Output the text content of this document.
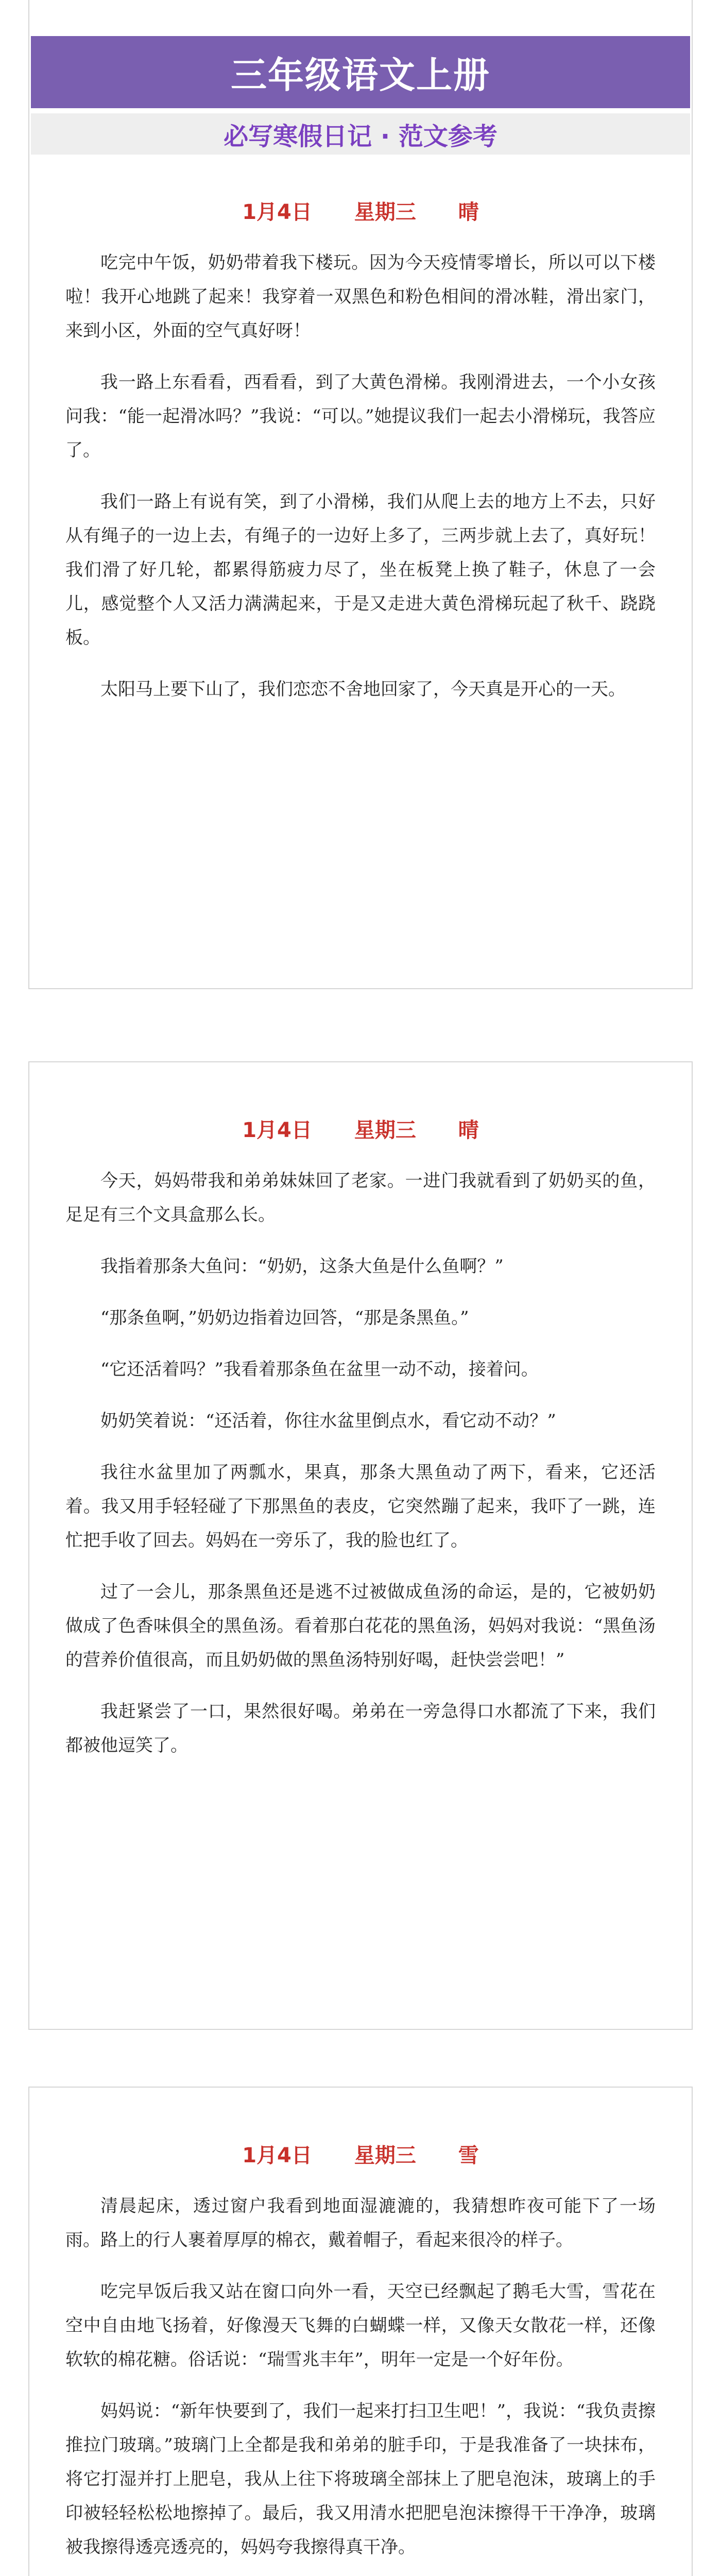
1月4日 星期三 晴

吃完中午饭，奶奶带着我下楼玩。因为今天疫情零增长，所以可以下楼啦！我开心地跳了起来！我穿着一双黑色和粉色相间的滑冰鞋，滑出家门，来到小区，外面的空气真好呀！

我一路上东看看，西看看，到了大黄色滑梯。我刚滑进去，一个小女孩问我：“能一起滑冰吗？”我说：“可以。”她提议我们一起去小滑梯玩，我答应了。

我们一路上有说有笑，到了小滑梯，我们从爬上去的地方上不去，只好从有绳子的一边上去，有绳子的一边好上多了，三两步就上去了，真好玩！我们滑了好几轮，都累得筋疲力尽了，坐在板凳上换了鞋子，休息了一会儿，感觉整个人又活力满满起来，于是又走进大黄色滑梯玩起了秋千、跷跷板。

太阳马上要下山了，我们恋恋不舍地回家了，今天真是开心的一天。

三年级语文上册
必写寒假日记 · 范文参考
1月4日 星期三 晴

今天，妈妈带我和弟弟妹妹回了老家。一进门我就看到了奶奶买的鱼，足足有三个文具盒那么长。

我指着那条大鱼问：“奶奶，这条大鱼是什么鱼啊？”

“那条鱼啊，”奶奶边指着边回答，“那是条黑鱼。”

“它还活着吗？”我看着那条鱼在盆里一动不动，接着问。

奶奶笑着说：“还活着，你往水盆里倒点水，看它动不动？”

我往水盆里加了两瓢水，果真，那条大黑鱼动了两下，看来，它还活着。我又用手轻轻碰了下那黑鱼的表皮，它突然蹦了起来，我吓了一跳，连忙把手收了回去。妈妈在一旁乐了，我的脸也红了。

过了一会儿，那条黑鱼还是逃不过被做成鱼汤的命运，是的，它被奶奶做成了色香味俱全的黑鱼汤。看着那白花花的黑鱼汤，妈妈对我说：“黑鱼汤的营养价值很高，而且奶奶做的黑鱼汤特别好喝，赶快尝尝吧！”

我赶紧尝了一口，果然很好喝。弟弟在一旁急得口水都流了下来，我们都被他逗笑了。

1月4日 星期三 雪

清晨起床，透过窗户我看到地面湿漉漉的，我猜想昨夜可能下了一场雨。路上的行人裹着厚厚的棉衣，戴着帽子，看起来很冷的样子。

吃完早饭后我又站在窗口向外一看，天空已经飘起了鹅毛大雪，雪花在空中自由地飞扬着，好像漫天飞舞的白蝴蝶一样，又像天女散花一样，还像软软的棉花糖。俗话说：“瑞雪兆丰年”，明年一定是一个好年份。

妈妈说：“新年快要到了，我们一起来打扫卫生吧！”，我说：“我负责擦推拉门玻璃。”玻璃门上全都是我和弟弟的脏手印，于是我准备了一块抹布，将它打湿并打上肥皂，我从上往下将玻璃全部抹上了肥皂泡沫，玻璃上的手印被轻轻松松地擦掉了。最后，我又用清水把肥皂泡沫擦得干干净净，玻璃被我擦得透亮透亮的，妈妈夸我擦得真干净。
